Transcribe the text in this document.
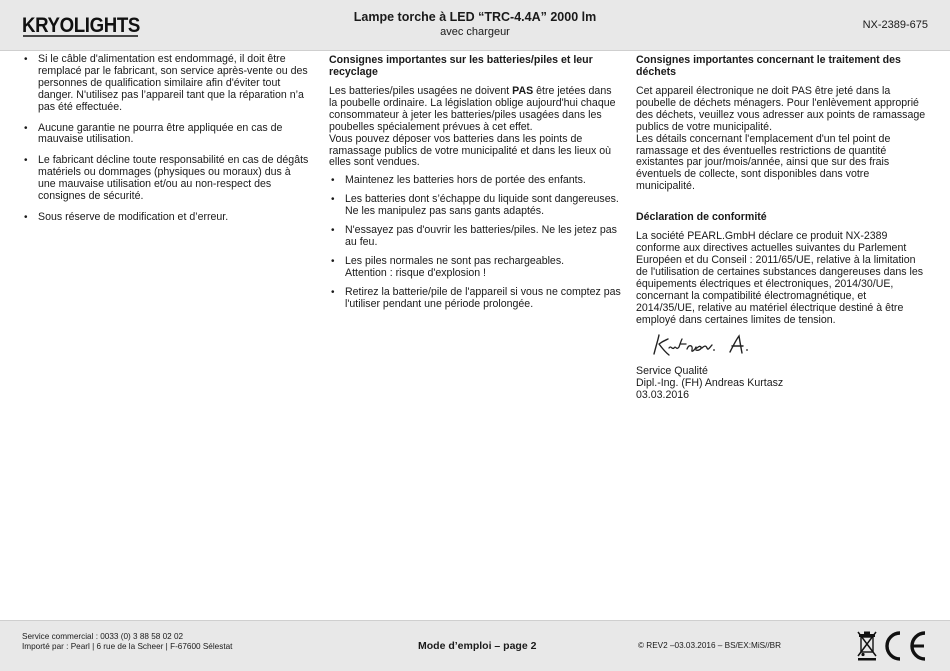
KRYOLIGHTS	Lampe torche à LED “TRC-4.4A” 2000 lm
avec chargeur
NX-2389-675
• Si le câble d'alimentation est endommagé, il doit être remplacé par le fabricant, son service après-vente ou des personnes de qualification similaire afin d'éviter tout danger. N'utilisez pas l’appareil tant que la réparation n’a pas été effectuée.
• Aucune garantie ne pourra être appliquée en cas de mauvaise utilisation.
• Le fabricant décline toute responsabilité en cas de dégâts matériels ou dommages (physiques ou moraux) dus à une mauvaise utilisation et/ou au non-respect des consignes de sécurité.
• Sous réserve de modification et d’erreur.
Consignes importantes sur les batteries/piles et leur recyclage

Les batteries/piles usagées ne doivent PAS être jetées dans la poubelle ordinaire. La législation oblige aujourd'hui chaque consommateur à jeter les batteries/piles usagées dans les poubelles spécialement prévues à cet effet.
Vous pouvez déposer vos batteries dans les points de ramassage publics de votre municipalité et dans les lieux où elles sont vendues.

• Maintenez les batteries hors de portée des enfants.
• Les batteries dont s’échappe du liquide sont dangereuses. Ne les manipulez pas sans gants adaptés.
• N'essayez pas d'ouvrir les batteries/piles. Ne les jetez pas au feu.
• Les piles normales ne sont pas rechargeables.
Attention : risque d'explosion !
• Retirez la batterie/pile de l'appareil si vous ne comptez pas l'utiliser pendant une période prolongée.
Consignes importantes concernant le traitement des déchets

Cet appareil électronique ne doit PAS être jeté dans la poubelle de déchets ménagers. Pour l'enlèvement approprié des déchets, veuillez vous adresser aux points de ramassage publics de votre municipalité.
Les détails concernant l'emplacement d'un tel point de ramassage et des éventuelles restrictions de quantité existantes par jour/mois/année, ainsi que sur des frais éventuels de collecte, sont disponibles dans votre municipalité.

Déclaration de conformité

La société PEARL.GmbH déclare ce produit NX-2389 conforme aux directives actuelles suivantes du Parlement Européen et du Conseil : 2011/65/UE, relative à la limitation de l'utilisation de certaines substances dangereuses dans les équipements électriques et électroniques, 2014/30/UE, concernant la compatibilité électromagnétique, et 2014/35/UE, relative au matériel électrique destiné à être employé dans certaines limites de tension.

Service Qualité
Dipl.-Ing. (FH) Andreas Kurtasz
03.03.2016
Service commercial : 0033 (0) 3 88 58 02 02
Importé par : Pearl | 6 rue de la Scheer | F-67600 Sélestat	Mode d’emploi – page 2	© REV2 –03.03.2016 – BS/EX:MiS//BR
